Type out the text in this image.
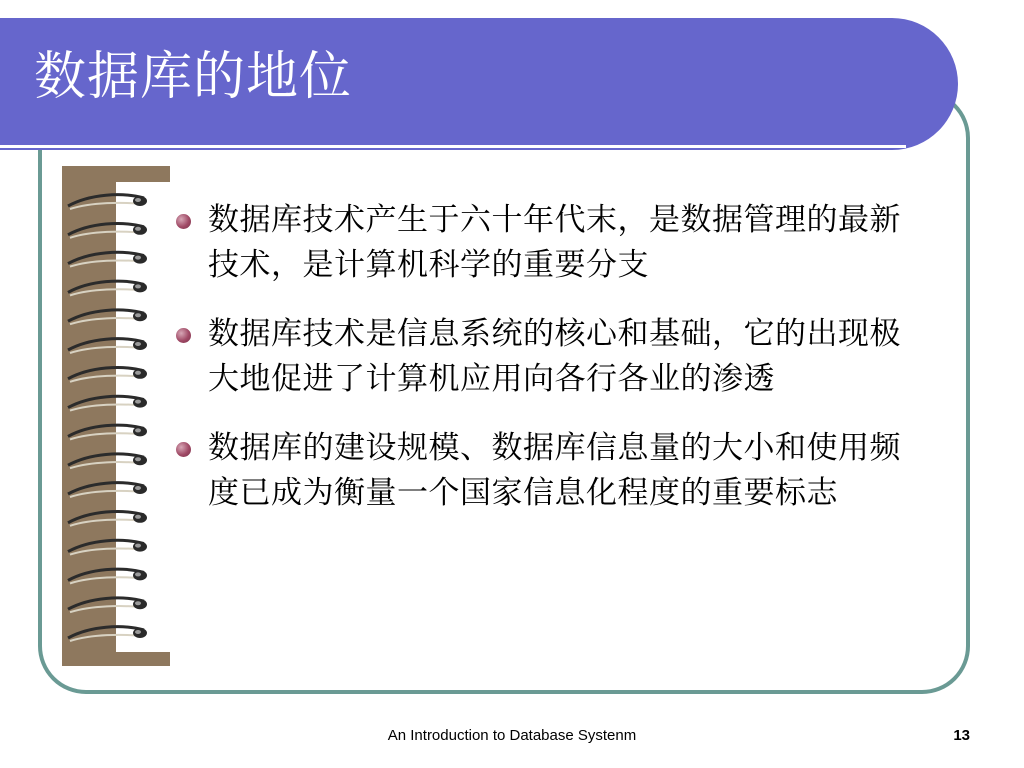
数据库的地位
数据库技术产生于六十年代末，是数据管理的最新技术，是计算机科学的重要分支
数据库技术是信息系统的核心和基础，它的出现极大地促进了计算机应用向各行各业的渗透
数据库的建设规模、数据库信息量的大小和使用频度已成为衡量一个国家信息化程度的重要标志
An Introduction to Database Systenm	13
